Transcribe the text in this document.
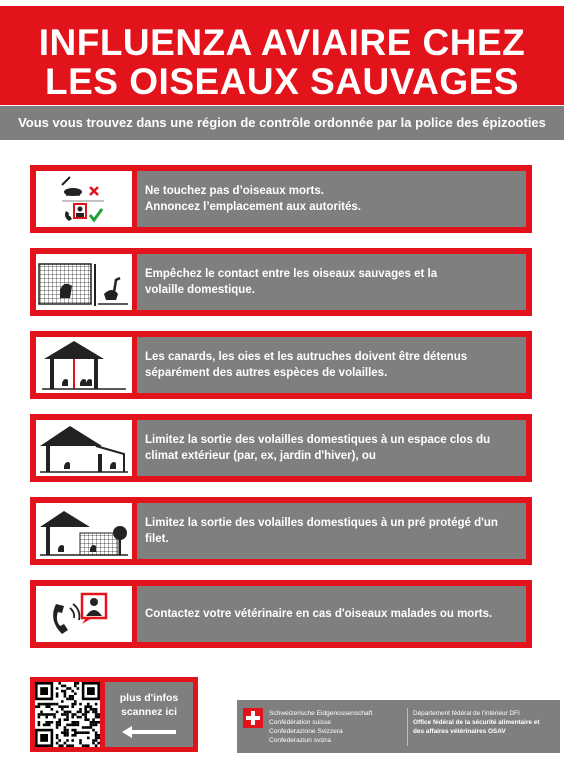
INFLUENZA AVIAIRE CHEZ
LES OISEAUX SAUVAGES
Vous vous trouvez dans une région de contrôle ordonnée par la police des épizooties
Ne touchez pas d’oiseaux morts.
Annoncez l’emplacement aux autorités.
Empêchez le contact entre les oiseaux sauvages et la
volaille domestique.
Les canards, les oies et les autruches doivent être détenus
séparément des autres espèces de volailles.
Limitez la sortie des volailles domestiques à un espace clos du
climat extérieur (par, ex, jardin d'hiver), ou
Limitez la sortie des volailles domestiques à un pré protégé d'un
filet.
Contactez votre vétérinaire en cas d'oiseaux malades ou morts.
plus d'infos
scannez ici	Schweizerische Eidgenossenschaft
Confédération suisse
Confederazione Svizzera
Confederaziun svizra
Département fédéral de l'intérieur DFI
Office fédéral de la sécurité alimentaire et
des affaires vétérinaires OSAV
